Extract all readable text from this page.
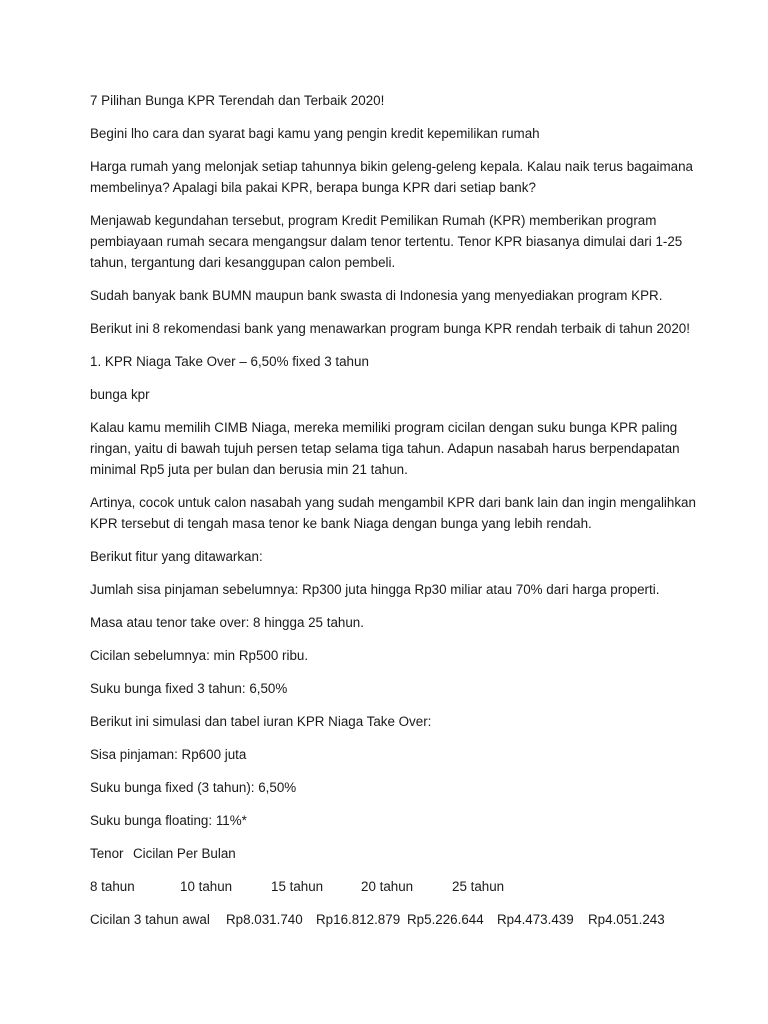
7 Pilihan Bunga KPR Terendah dan Terbaik 2020!

Begini lho cara dan syarat bagi kamu yang pengin kredit kepemilikan rumah

Harga rumah yang melonjak setiap tahunnya bikin geleng-geleng kepala. Kalau naik terus bagaimana
membelinya? Apalagi bila pakai KPR, berapa bunga KPR dari setiap bank?

Menjawab kegundahan tersebut, program Kredit Pemilikan Rumah (KPR) memberikan program
pembiayaan rumah secara mengangsur dalam tenor tertentu. Tenor KPR biasanya dimulai dari 1-25
tahun, tergantung dari kesanggupan calon pembeli.

Sudah banyak bank BUMN maupun bank swasta di Indonesia yang menyediakan program KPR.

Berikut ini 8 rekomendasi bank yang menawarkan program bunga KPR rendah terbaik di tahun 2020!

1. KPR Niaga Take Over – 6,50% fixed 3 tahun

bunga kpr

Kalau kamu memilih CIMB Niaga, mereka memiliki program cicilan dengan suku bunga KPR paling
ringan, yaitu di bawah tujuh persen tetap selama tiga tahun. Adapun nasabah harus berpendapatan
minimal Rp5 juta per bulan dan berusia min 21 tahun.

Artinya, cocok untuk calon nasabah yang sudah mengambil KPR dari bank lain dan ingin mengalihkan
KPR tersebut di tengah masa tenor ke bank Niaga dengan bunga yang lebih rendah.

Berikut fitur yang ditawarkan:

Jumlah sisa pinjaman sebelumnya: Rp300 juta hingga Rp30 miliar atau 70% dari harga properti.

Masa atau tenor take over: 8 hingga 25 tahun.

Cicilan sebelumnya: min Rp500 ribu.

Suku bunga fixed 3 tahun: 6,50%

Berikut ini simulasi dan tabel iuran KPR Niaga Take Over:

Sisa pinjaman: Rp600 juta

Suku bunga fixed (3 tahun): 6,50%

Suku bunga floating: 11%*

Tenor Cicilan Per Bulan
8 tahun	10 tahun	15 tahun	20 tahun	25 tahun
Cicilan 3 tahun awal	Rp8.031.740 Rp16.812.879 Rp5.226.644 Rp4.473.439	Rp4.051.243
